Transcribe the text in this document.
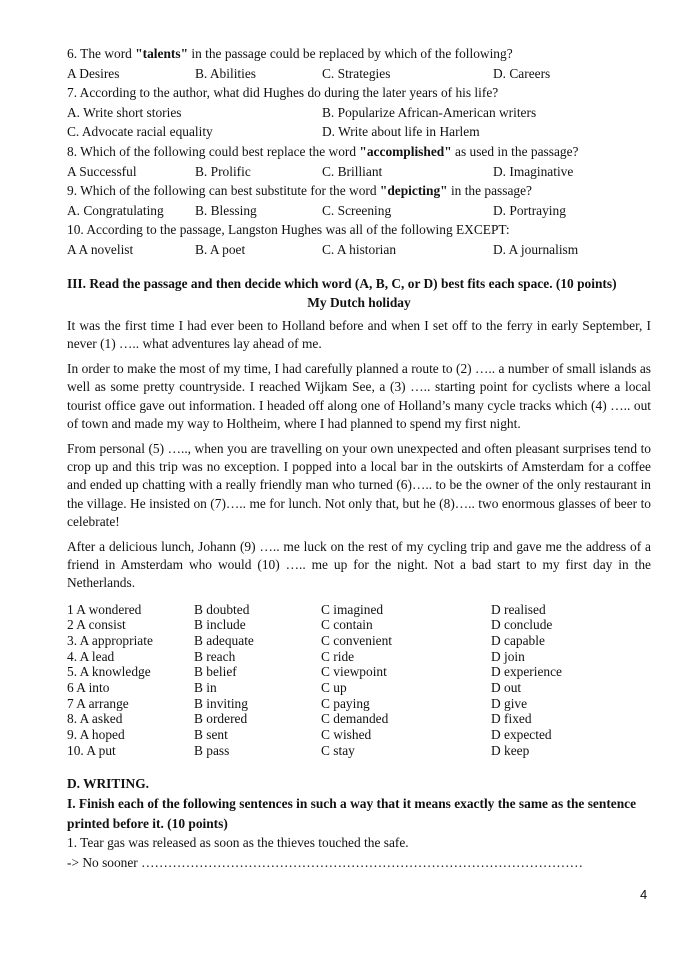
6. The word "talents" in the passage could be replaced by which of the following?
A Desires	B. Abilities	C. Strategies	D. Careers
7. According to the author, what did Hughes do during the later years of his life?
A. Write short stories	B. Popularize African-American writers
C. Advocate racial equality	D. Write about life in Harlem
8. Which of the following could best replace the word "accomplished" as used in the passage?
A Successful	B. Prolific	C. Brilliant	D. Imaginative
9. Which of the following can best substitute for the word "depicting" in the passage?
A. Congratulating B. Blessing	C. Screening	D. Portraying
10. According to the passage, Langston Hughes was all of the following EXCEPT:
A A novelist	B. A poet	C. A historian	D. A journalism
III. Read the passage and then decide which word (A, B, C, or D) best fits each space. (10 points)
My Dutch holiday

It was the first time I had ever been to Holland before and when I set off to the ferry in early September, I never (1) ….. what adventures lay ahead of me.

In order to make the most of my time, I had carefully planned a route to (2) ….. a number of small islands as well as some pretty countryside. I reached Wijkam See, a (3) ….. starting point for cyclists where a local tourist office gave out information. I headed off along one of Holland’s many cycle tracks which (4) ….. out of town and made my way to Holtheim, where I had planned to spend my first night.

From personal (5) ….., when you are travelling on your own unexpected and often pleasant surprises tend to crop up and this trip was no exception. I popped into a local bar in the outskirts of Amsterdam for a coffee and ended up chatting with a really friendly man who turned (6)….. to be the owner of the only restaurant in the village. He insisted on (7)….. me for lunch. Not only that, but he (8)….. two enormous glasses of beer to celebrate!

After a delicious lunch, Johann (9) ….. me luck on the rest of my cycling trip and gave me the address of a friend in Amsterdam who would (10) ….. me up for the night. Not a bad start to my first day in the Netherlands.

1 A wondered	B doubted	C imagined	D realised
2 A consist	B include	C contain	D conclude
3. A appropriate	B adequate	C convenient	D capable
4. A lead	B reach	C ride	D join
5. A knowledge	B belief	C viewpoint	D experience
6 A into	B in	C up	D out
7 A arrange	B inviting	C paying	D give
8. A asked	B ordered	C demanded	D fixed
9. A hoped	B sent	C wished	D expected
10. A put	B pass	C stay	D keep
D. WRITING.
I. Finish each of the following sentences in such a way that it means exactly the same as the sentence
printed before it. (10 points)
1. Tear gas was released as soon as the thieves touched the safe.
-> No sooner ………………………………………………………………………………………
4
